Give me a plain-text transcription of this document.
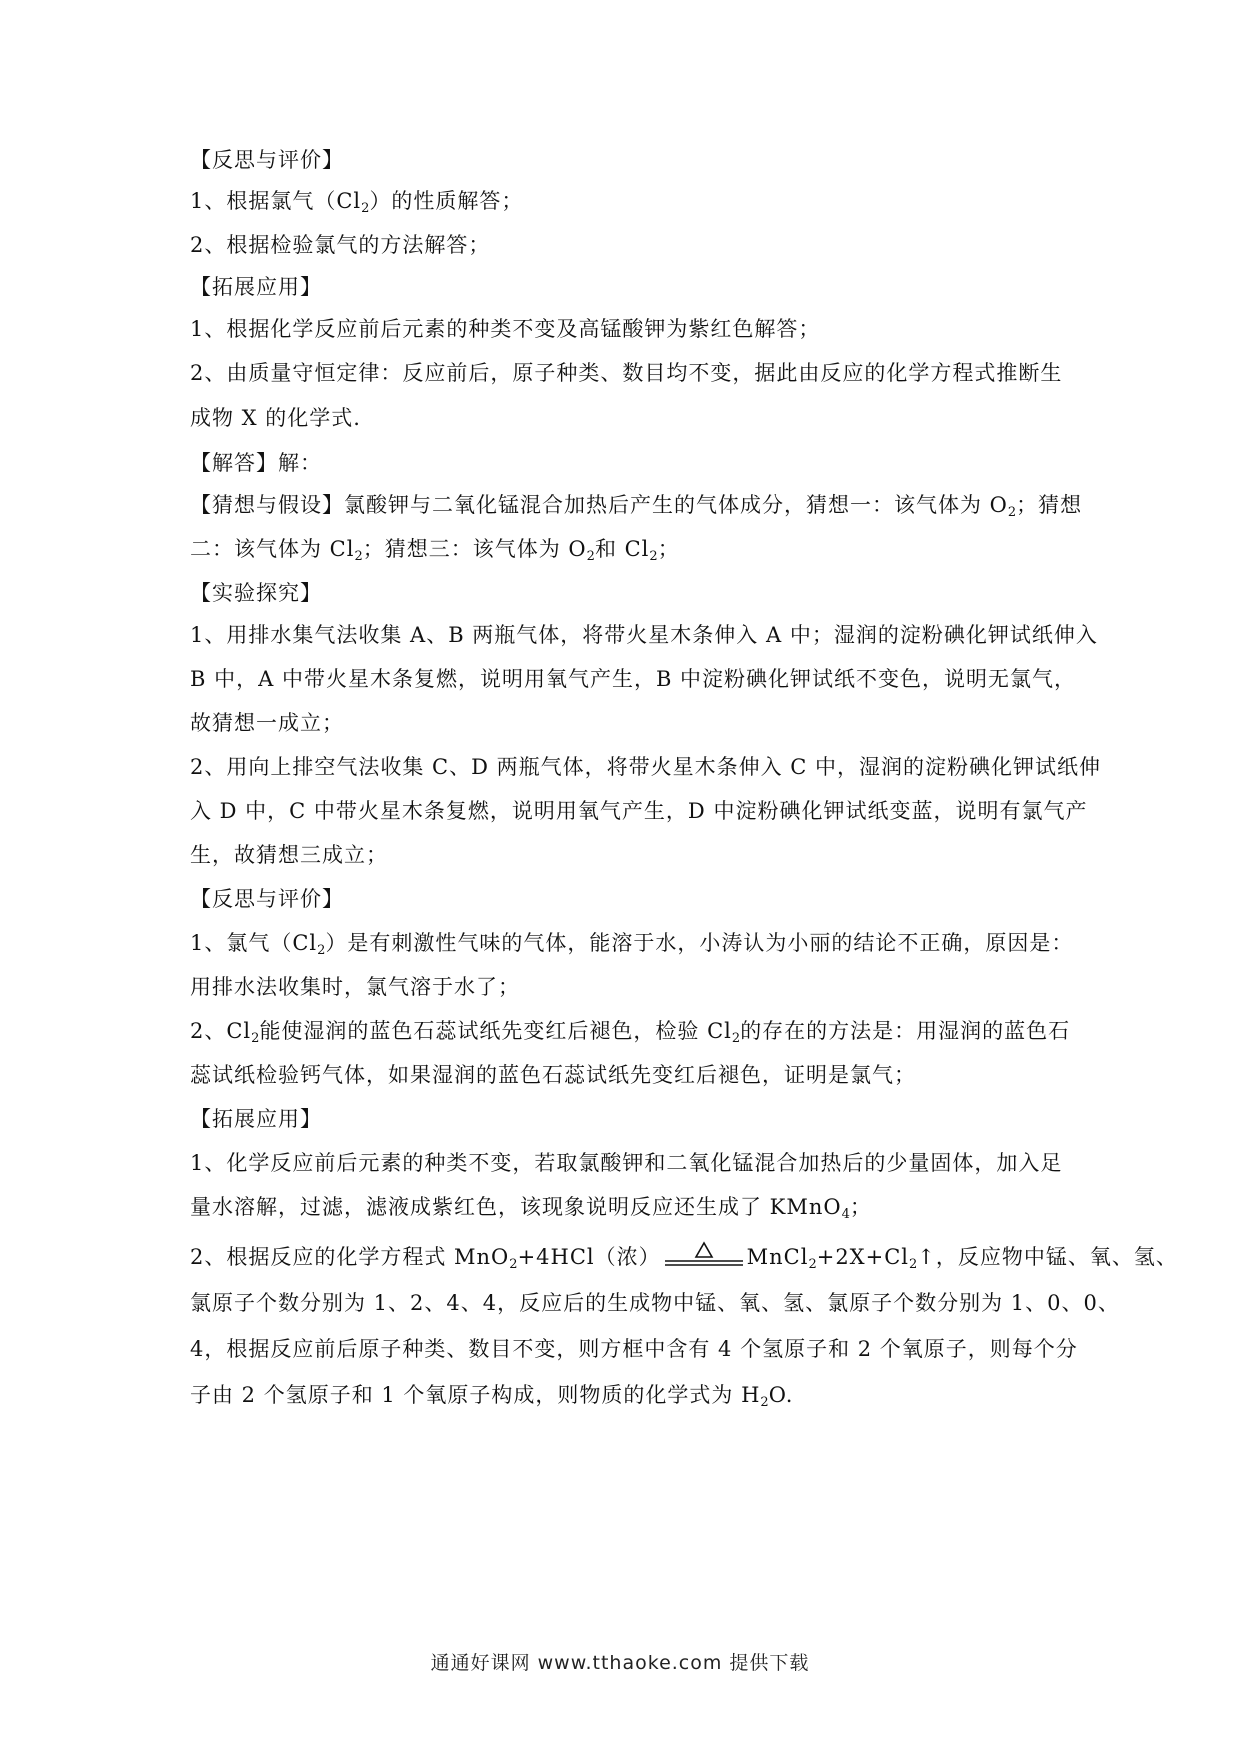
【反思与评价】
1、根据氯气$(Cl_2)$的性质解答；
2、根据检验氯气的方法解答；
【拓展应用】
1、根据化学反应前后元素的种类不变及高锰酸钾为紫红色解答；
2、由质量守恒定律：反应前后，原子种类、数目均不变，据此由反应的化学方程式推断生
成物 X 的化学式.
【解答】解：
【猜想与假设】氯酸钾与二氧化锰混合加热后产生的气体成分，猜想一：该气体为 $O_2$；猜想
二：该气体为 $Cl_2$；猜想三：该气体为 $O_2$和 $Cl_2$；
【实验探究】
1、用排水集气法收集 A、B 两瓶气体，将带火星木条伸入 A 中；湿润的淀粉碘化钾试纸伸入
B 中，A 中带火星木条复燃，说明用氧气产生，B 中淀粉碘化钾试纸不变色，说明无氯气，
故猜想一成立；
2、用向上排空气法收集 C、D 两瓶气体，将带火星木条伸入 C 中，湿润的淀粉碘化钾试纸伸
入 D 中，C 中带火星木条复燃，说明用氧气产生，D 中淀粉碘化钾试纸变蓝，说明有氯气产
生，故猜想三成立；
【反思与评价】
1、氯气$(Cl_2)$是有刺激性气味的气体，能溶于水，小涛认为小丽的结论不正确，原因是：
用排水法收集时，氯气溶于水了；
2、$Cl_2$能使湿润的蓝色石蕊试纸先变红后褪色，检验 $Cl_2$的存在的方法是：用湿润的蓝色石
蕊试纸检验钙气体，如果湿润的蓝色石蕊试纸先变红后褪色，证明是氯气；
【拓展应用】
1、化学反应前后元素的种类不变，若取氯酸钾和二氧化锰混合加热后的少量固体，加入足
量水溶解，过滤，滤液成紫红色，该现象说明反应还生成了 KMnO$_4$；
2、根据反应的化学方程式 MnO$_2$+4HCl（浓）	$MnCl_2+2X+Cl_2↑$，反应物中锰、氧、氢、
氯原子个数分别为 1、2、4、4，反应后的生成物中锰、氧、氢、氯原子个数分别为 1、0、0、
4，根据反应前后原子种类、数目不变，则方框中含有 4 个氢原子和 2 个氧原子，则每个分
子由 2 个氢原子和 1 个氧原子构成，则物质的化学式为 $H_2O$.
通通好课网 www.tthaoke.com 提供下载
